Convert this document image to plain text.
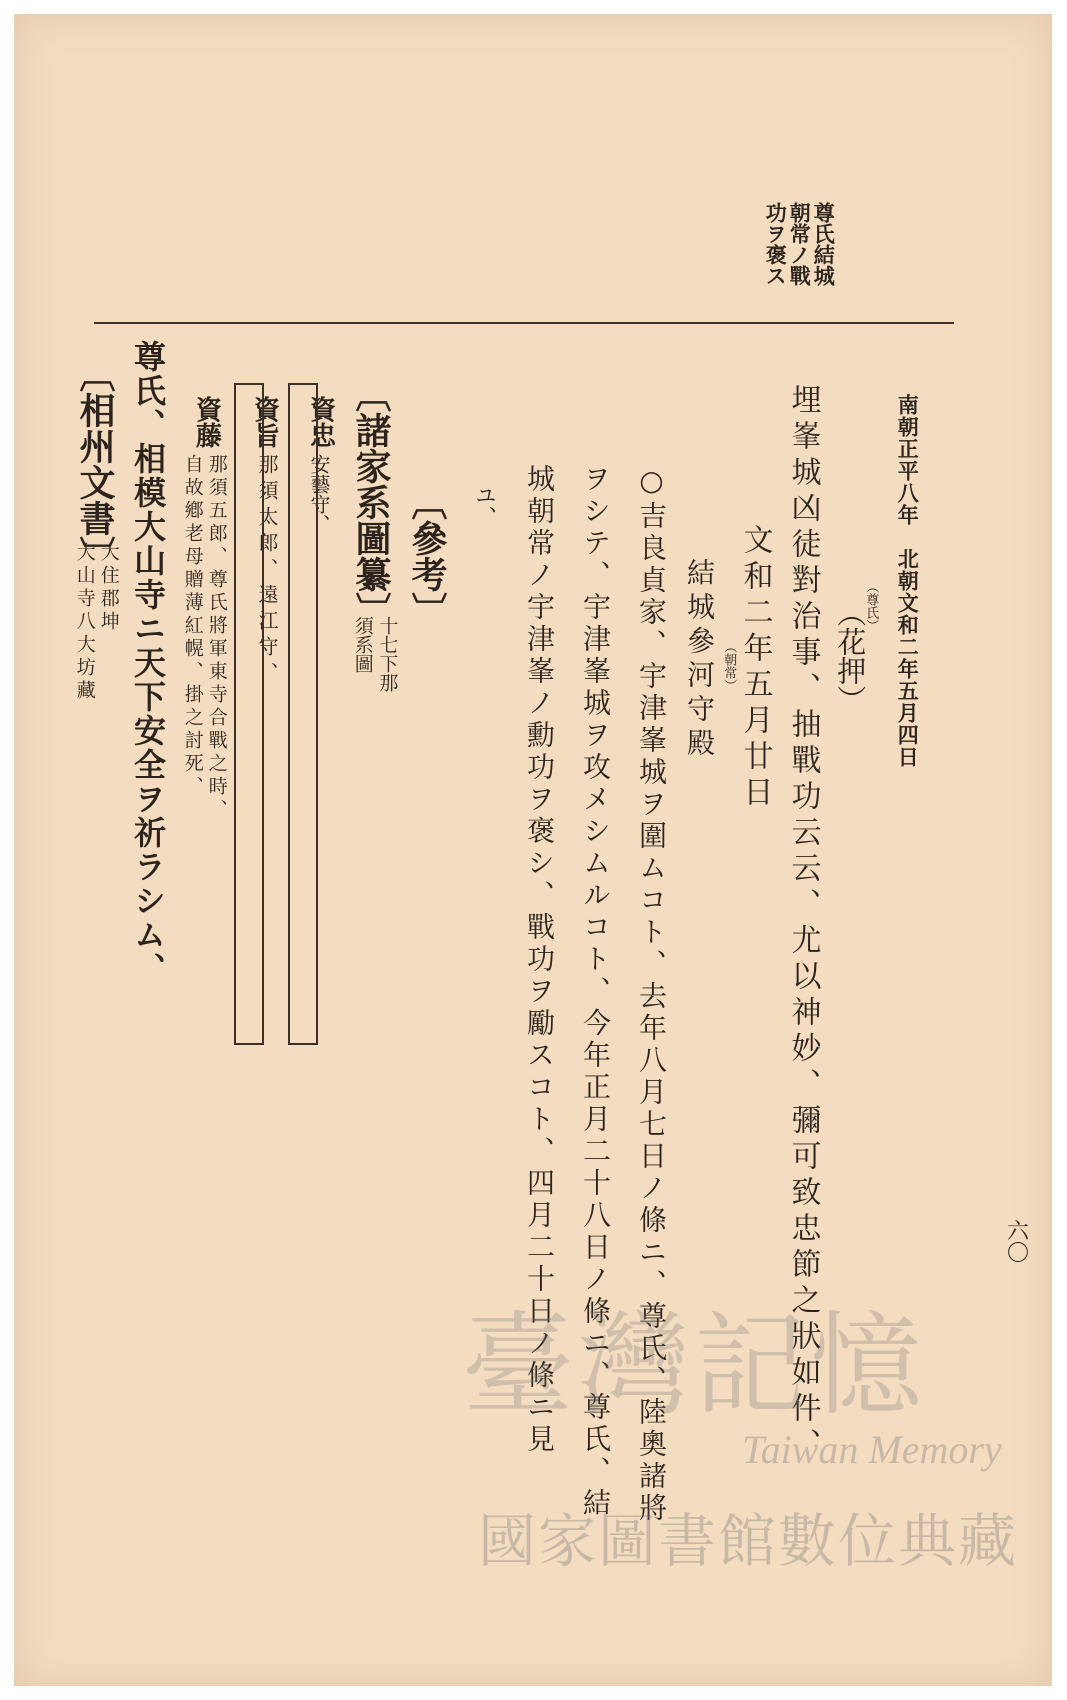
六〇
南朝正平八年　北朝文和二年五月四日
尊氏結城
朝常ノ戰
功ヲ褒ス
（尊氏）
（花押）
埋峯城凶徒對治事、抽戰功云云、尤以神妙、彌可致忠節之狀如件、
文和二年五月廿日
（朝常）
結城參河守殿
○吉良貞家、宇津峯城ヲ圍ムコト、去年八月七日ノ條ニ、尊氏、陸奧諸將
ヲシテ、宇津峯城ヲ攻メシムルコト、今年正月二十八日ノ條ニ、尊氏、結
城朝常ノ宇津峯ノ勳功ヲ褒シ、戰功ヲ勵スコト、四月二十日ノ條ニ見
ユ、
〔參考〕
〔諸家系圖纂〕
十七下那須系圖
資忠
安藝守、
資旨
那須太郎、遠江守、
資藤
那須五郎、尊氏將軍東寺合戰之時、
自故鄕老母贈薄紅幌、掛之討死、
尊氏、相模大山寺ニ天下安全ヲ祈ラシム、
〔相州文書〕
大住郡坤
大山寺八大坊藏
臺灣記憶
Taiwan Memory
國家圖書館數位典藏
